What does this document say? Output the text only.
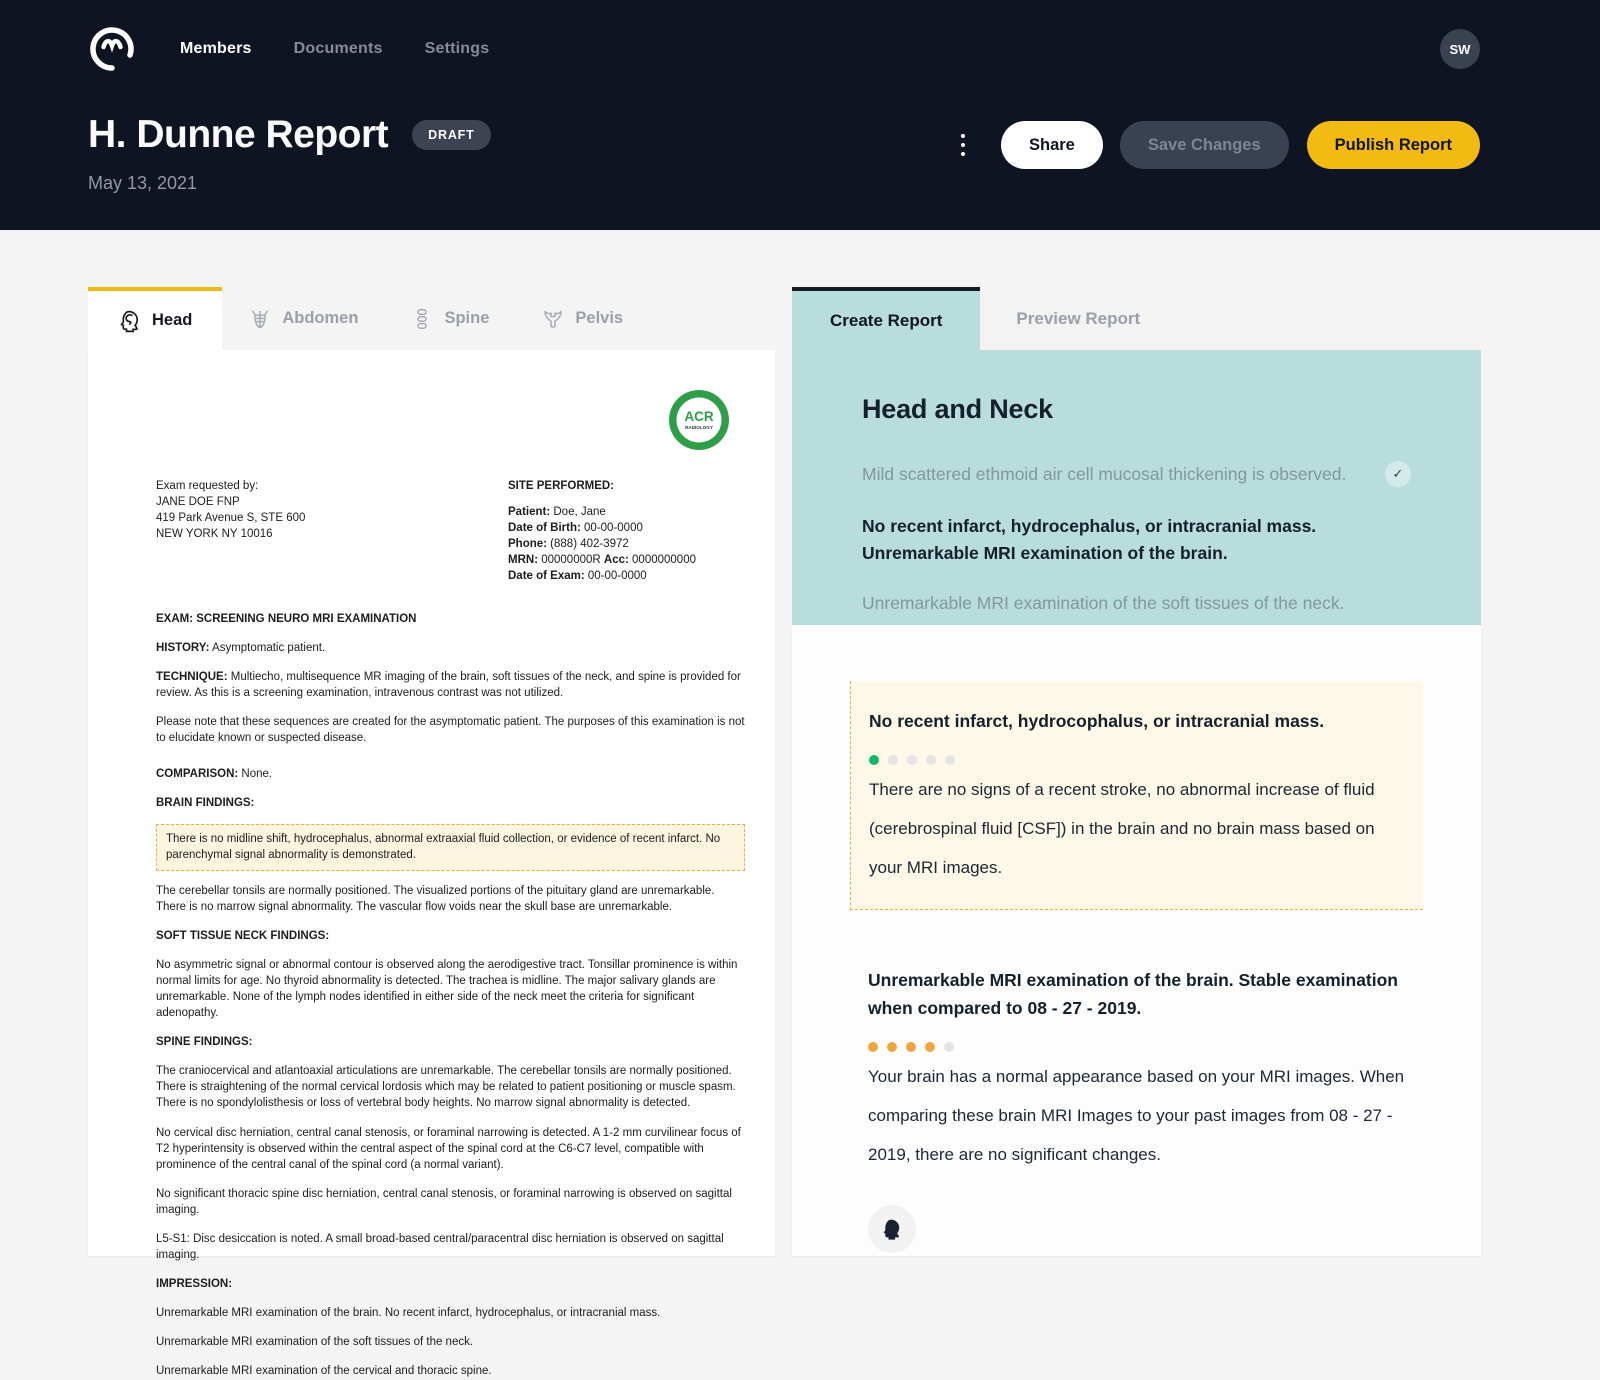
Members	Documents	Settings	SW
H. Dunne Report	DRAFT
May 13, 2021
Share	Save Changes	Publish Report
Head	Abdomen	Spine	Pelvis
ACR
RADIOLOGY
Exam requested by:
JANE DOE FNP
419 Park Avenue S, STE 600
NEW YORK NY 10016
SITE PERFORMED:
Patient: Doe, Jane
Date of Birth: 00-00-0000
Phone: (888) 402-3972
MRN: 00000000R Acc: 0000000000
Date of Exam: 00-00-0000

EXAM: SCREENING NEURO MRI EXAMINATION

HISTORY: Asymptomatic patient.

TECHNIQUE: Multiecho, multisequence MR imaging of the brain, soft tissues of the neck, and spine is provided for review. As this is a screening examination, intravenous contrast was not utilized.

Please note that these sequences are created for the asymptomatic patient. The purposes of this examination is not to elucidate known or suspected disease.

COMPARISON: None.

BRAIN FINDINGS:

There is no midline shift, hydrocephalus, abnormal extraaxial fluid collection, or evidence of recent infarct. No parenchymal signal abnormality is demonstrated.

The cerebellar tonsils are normally positioned. The visualized portions of the pituitary gland are unremarkable. There is no marrow signal abnormality. The vascular flow voids near the skull base are unremarkable.

SOFT TISSUE NECK FINDINGS:

No asymmetric signal or abnormal contour is observed along the aerodigestive tract. Tonsillar prominence is within normal limits for age. No thyroid abnormality is detected. The trachea is midline. The major salivary glands are unremarkable. None of the lymph nodes identified in either side of the neck meet the criteria for significant adenopathy.

SPINE FINDINGS:

The craniocervical and atlantoaxial articulations are unremarkable. The cerebellar tonsils are normally positioned. There is straightening of the normal cervical lordosis which may be related to patient positioning or muscle spasm. There is no spondylolisthesis or loss of vertebral body heights. No marrow signal abnormality is detected.

No cervical disc herniation, central canal stenosis, or foraminal narrowing is detected. A 1-2 mm curvilinear focus of T2 hyperintensity is observed within the central aspect of the spinal cord at the C6-C7 level, compatible with prominence of the central canal of the spinal cord (a normal variant).

No significant thoracic spine disc herniation, central canal stenosis, or foraminal narrowing is observed on sagittal imaging.

L5-S1: Disc desiccation is noted. A small broad-based central/paracentral disc herniation is observed on sagittal imaging.

IMPRESSION:

Unremarkable MRI examination of the brain. No recent infarct, hydrocephalus, or intracranial mass.

Unremarkable MRI examination of the soft tissues of the neck.

Unremarkable MRI examination of the cervical and thoracic spine.

Create Report	Preview Report
Head and Neck
Mild scattered ethmoid air cell mucosal thickening is observed.	✓
No recent infarct, hydrocephalus, or intracranial mass. Unremarkable MRI examination of the brain.
Unremarkable MRI examination of the soft tissues of the neck.
No recent infarct, hydrocophalus, or intracranial mass.
There are no signs of a recent stroke, no abnormal increase of fluid (cerebrospinal fluid [CSF]) in the brain and no brain mass based on your MRI images.
Unremarkable MRI examination of the brain. Stable examination when compared to 08 - 27 - 2019.
Your brain has a normal appearance based on your MRI images. When comparing these brain MRI Images to your past images from 08 - 27 - 2019, there are no significant changes.
